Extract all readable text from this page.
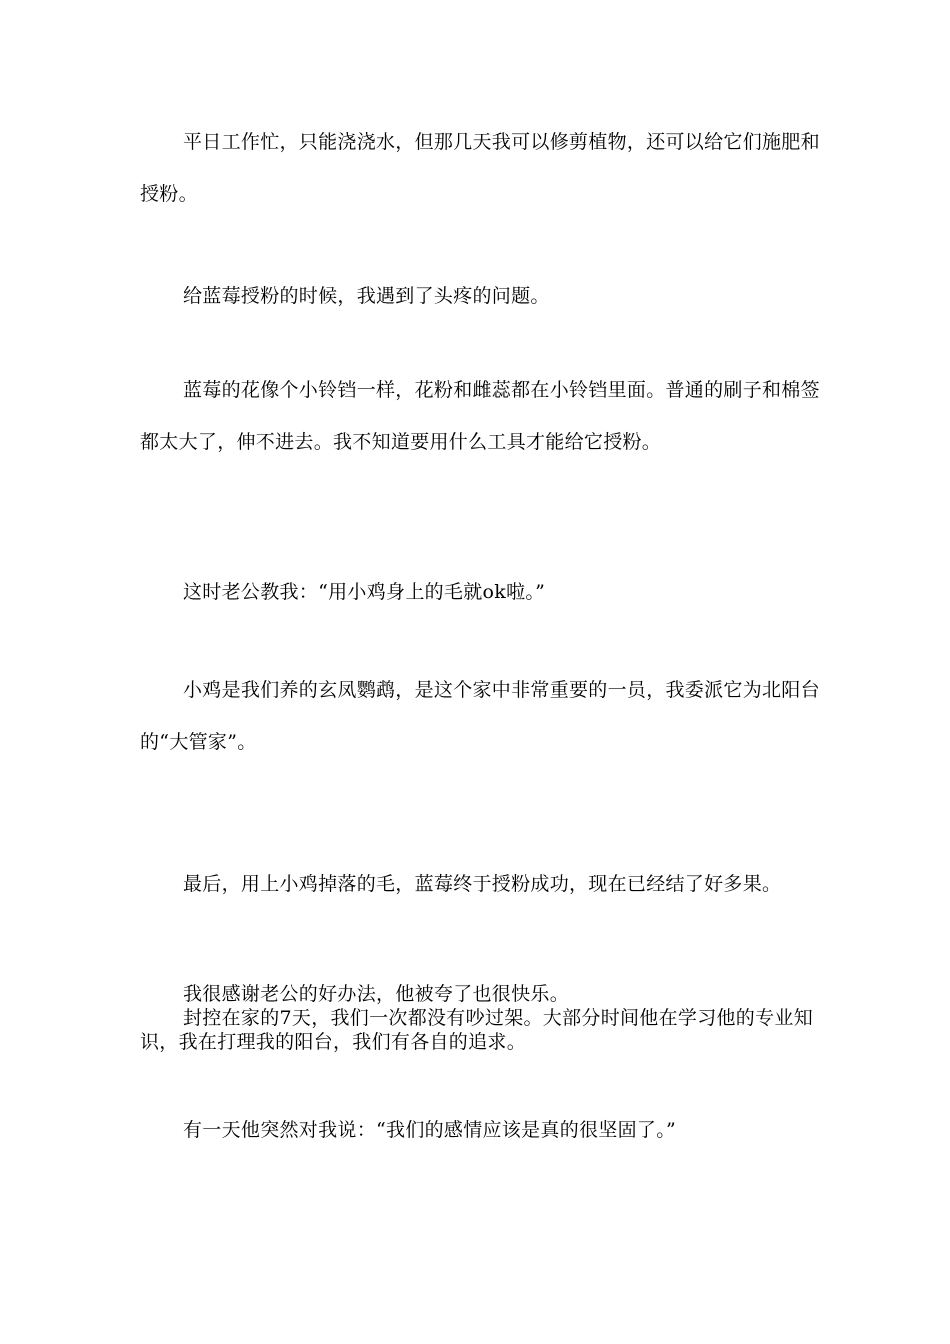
平日工作忙，只能浇浇水，但那几天我可以修剪植物，还可以给它们施肥和授粉。

给蓝莓授粉的时候，我遇到了头疼的问题。

蓝莓的花像个小铃铛一样，花粉和雌蕊都在小铃铛里面。普通的刷子和棉签都太大了，伸不进去。我不知道要用什么工具才能给它授粉。

这时老公教我：“用小鸡身上的毛就ok啦。”

小鸡是我们养的玄凤鹦鹉，是这个家中非常重要的一员，我委派它为北阳台的“大管家”。

最后，用上小鸡掉落的毛，蓝莓终于授粉成功，现在已经结了好多果。

我很感谢老公的好办法，他被夸了也很快乐。

封控在家的7天，我们一次都没有吵过架。大部分时间他在学习他的专业知识，我在打理我的阳台，我们有各自的追求。

有一天他突然对我说：“我们的感情应该是真的很坚固了。”
